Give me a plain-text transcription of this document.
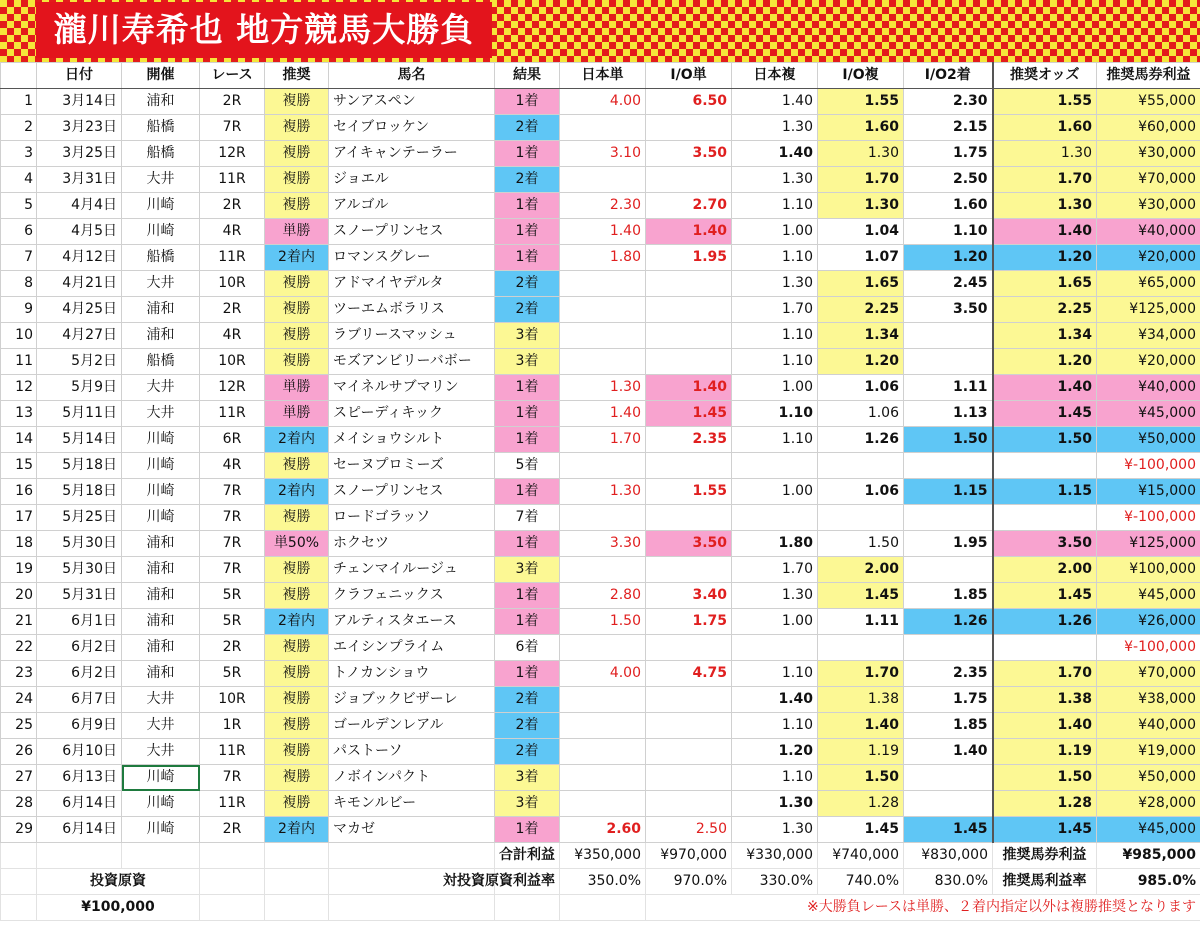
瀧川寿希也 地方競馬大勝負
	日付	開催	レース	推奨	馬名	結果	日本単	I/O単	日本複	I/O複	I/O2着	推奨オッズ	推奨馬券利益
1	3月14日	浦和	2R	複勝	サンアスペン	1着	4.00	6.50	1.40	1.55	2.30	1.55	¥55,000
2	3月23日	船橋	7R	複勝	セイブロッケン	2着			1.30	1.60	2.15	1.60	¥60,000
3	3月25日	船橋	12R	複勝	アイキャンテーラー	1着	3.10	3.50	1.40	1.30	1.75	1.30	¥30,000
4	3月31日	大井	11R	複勝	ジョエル	2着			1.30	1.70	2.50	1.70	¥70,000
5	4月4日	川崎	2R	複勝	アルゴル	1着	2.30	2.70	1.10	1.30	1.60	1.30	¥30,000
6	4月5日	川崎	4R	単勝	スノープリンセス	1着	1.40	1.40	1.00	1.04	1.10	1.40	¥40,000
7	4月12日	船橋	11R	2着内	ロマンスグレー	1着	1.80	1.95	1.10	1.07	1.20	1.20	¥20,000
8	4月21日	大井	10R	複勝	アドマイヤデルタ	2着			1.30	1.65	2.45	1.65	¥65,000
9	4月25日	浦和	2R	複勝	ツーエムボラリス	2着			1.70	2.25	3.50	2.25	¥125,000
10	4月27日	浦和	4R	複勝	ラブリースマッシュ	3着			1.10	1.34		1.34	¥34,000
11	5月2日	船橋	10R	複勝	モズアンビリーバボー	3着			1.10	1.20		1.20	¥20,000
12	5月9日	大井	12R	単勝	マイネルサブマリン	1着	1.30	1.40	1.00	1.06	1.11	1.40	¥40,000
13	5月11日	大井	11R	単勝	スピーディキック	1着	1.40	1.45	1.10	1.06	1.13	1.45	¥45,000
14	5月14日	川崎	6R	2着内	メイショウシルト	1着	1.70	2.35	1.10	1.26	1.50	1.50	¥50,000
15	5月18日	川崎	4R	複勝	セーヌプロミーズ	5着							¥-100,000
16	5月18日	川崎	7R	2着内	スノープリンセス	1着	1.30	1.55	1.00	1.06	1.15	1.15	¥15,000
17	5月25日	川崎	7R	複勝	ロードゴラッソ	7着							¥-100,000
18	5月30日	浦和	7R	単50%	ホクセツ	1着	3.30	3.50	1.80	1.50	1.95	3.50	¥125,000
19	5月30日	浦和	7R	複勝	チェンマイルージュ	3着			1.70	2.00		2.00	¥100,000
20	5月31日	浦和	5R	複勝	クラフェニックス	1着	2.80	3.40	1.30	1.45	1.85	1.45	¥45,000
21	6月1日	浦和	5R	2着内	アルティスタエース	1着	1.50	1.75	1.00	1.11	1.26	1.26	¥26,000
22	6月2日	浦和	2R	複勝	エイシンプライム	6着							¥-100,000
23	6月2日	浦和	5R	複勝	トノカンショウ	1着	4.00	4.75	1.10	1.70	2.35	1.70	¥70,000
24	6月7日	大井	10R	複勝	ジョブックビザーレ	2着			1.40	1.38	1.75	1.38	¥38,000
25	6月9日	大井	1R	複勝	ゴールデンレアル	2着			1.10	1.40	1.85	1.40	¥40,000
26	6月10日	大井	11R	複勝	パストーソ	2着			1.20	1.19	1.40	1.19	¥19,000
27	6月13日	川崎	7R	複勝	ノボインパクト	3着			1.10	1.50		1.50	¥50,000
28	6月14日	川崎	11R	複勝	キモンルビー	3着			1.30	1.28		1.28	¥28,000
29	6月14日	川崎	2R	2着内	マカゼ	1着	2.60	2.50	1.30	1.45	1.45	1.45	¥45,000
						合計利益	¥350,000	¥970,000	¥330,000	¥740,000	¥830,000	推奨馬券利益	¥985,000
	投資原資					対投資原資利益率	350.0%	970.0%	330.0%	740.0%	830.0%	推奨馬利益率	985.0%
	¥100,000							※大勝負レースは単勝、２着内指定以外は複勝推奨となります					
